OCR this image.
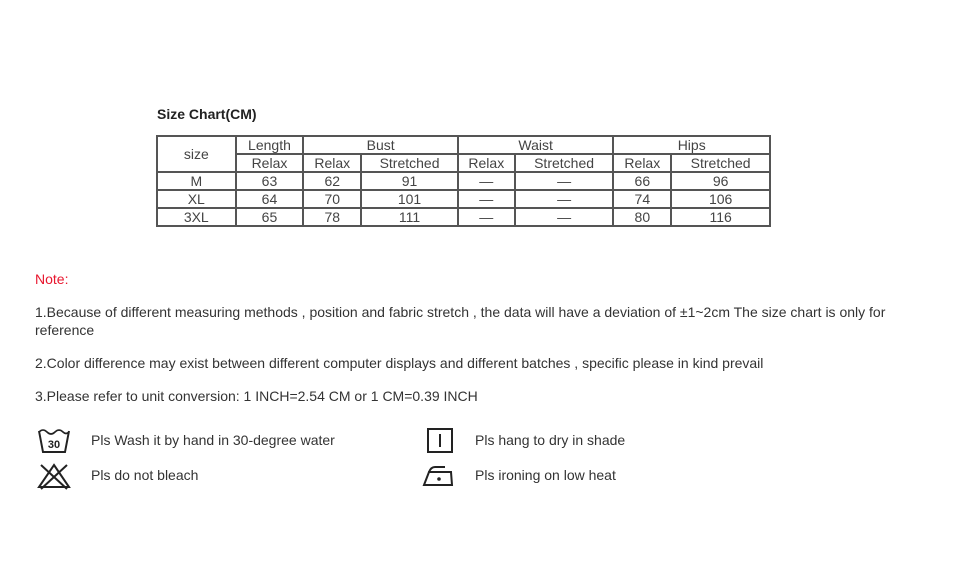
Size Chart(CM)
size	Length	Bust		Waist		Hips	
	Relax	Relax	Stretched	Relax	Stretched	Relax	Stretched
M	63	62	91	—	—	66	96
XL	64	70	101	—	—	74	106
3XL	65	78	111	—	—	80	116
Note:
1.Because of different measuring methods , position and fabric stretch , the data will have a deviation of ±1~2cm The size chart is only for reference
2.Color difference may exist between different computer displays and different batches , specific please in kind prevail
3.Please refer to unit conversion: 1 INCH=2.54 CM or 1 CM=0.39 INCH
30 Pls Wash it by hand in 30-degree water
Pls do not bleach
Pls hang to dry in shade
Pls ironing on low heat
